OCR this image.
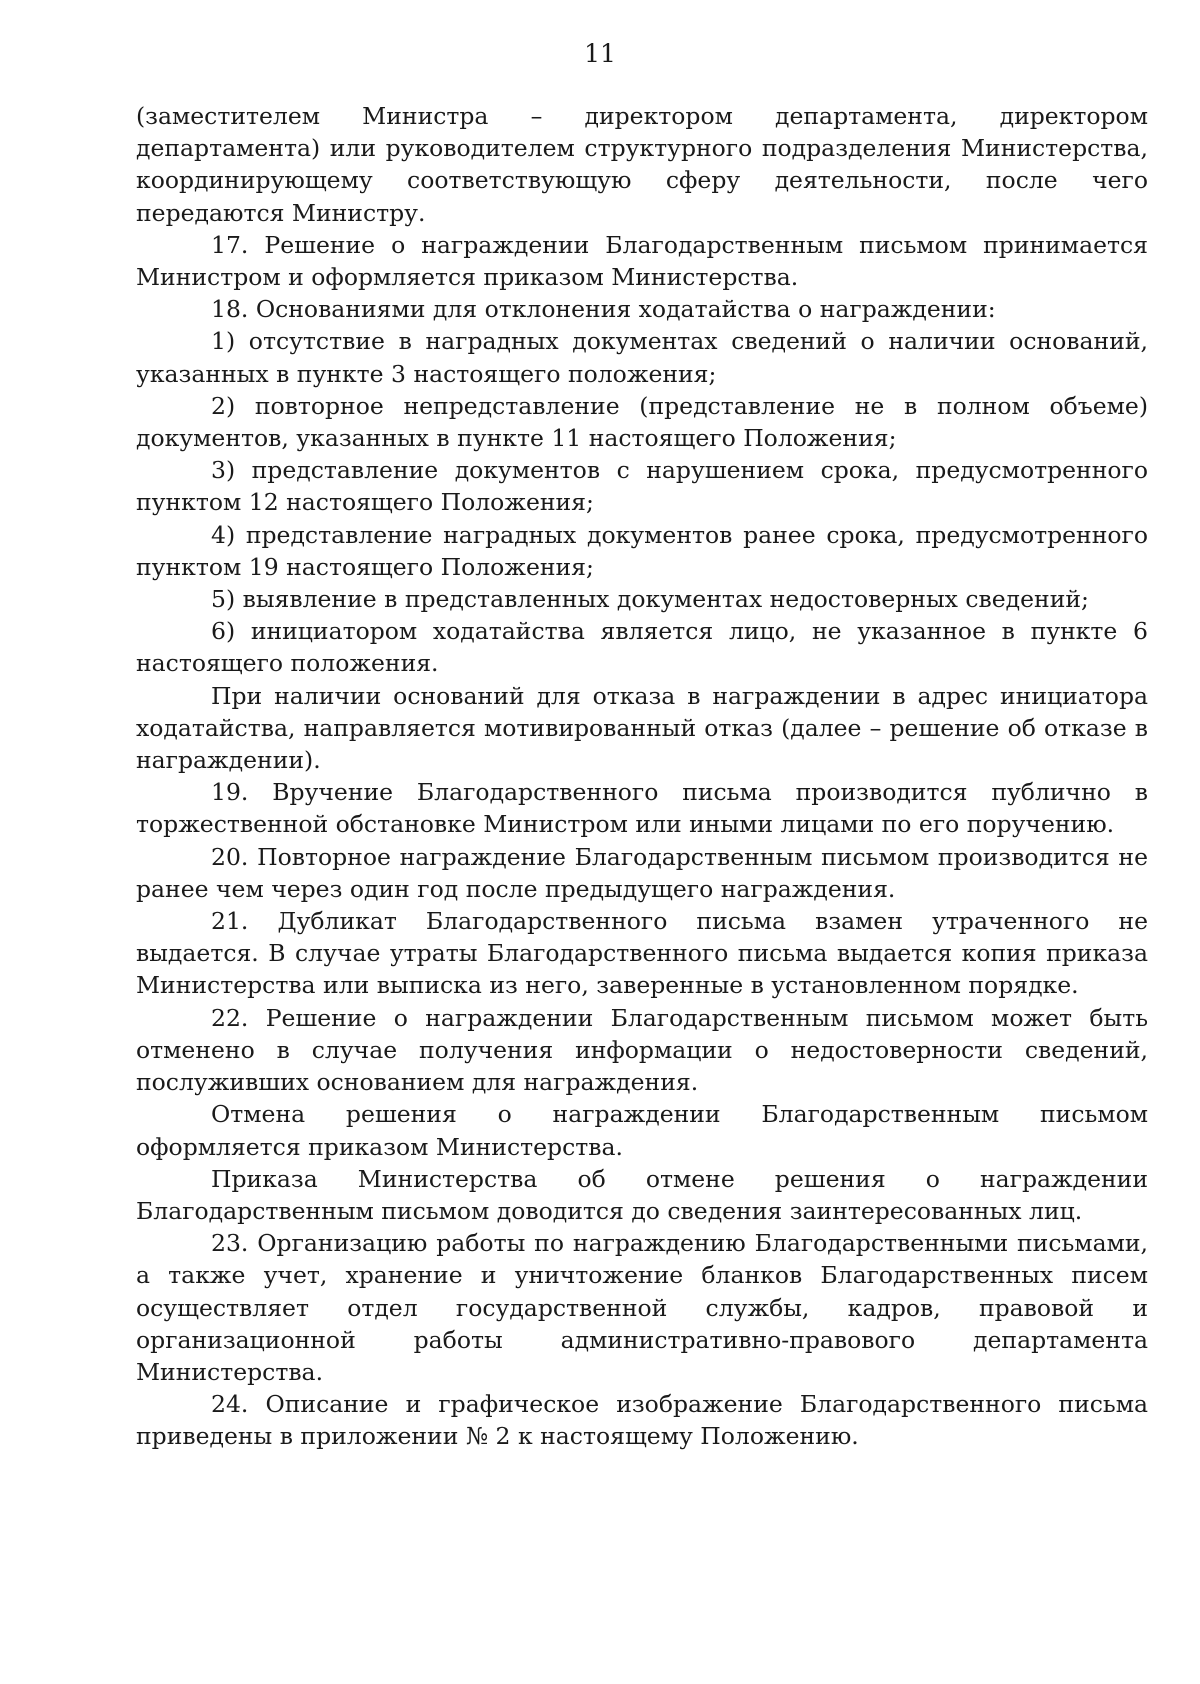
11

(заместителем Министра – директором департамента, директором департамента) или руководителем структурного подразделения Министерства, координирующему соответствующую сферу деятельности, после чего передаются Министру.

17. Решение о награждении Благодарственным письмом принимается Министром и оформляется приказом Министерства.

18. Основаниями для отклонения ходатайства о награждении:

1) отсутствие в наградных документах сведений о наличии оснований, указанных в пункте 3 настоящего положения;

2) повторное непредставление (представление не в полном объеме) документов, указанных в пункте 11 настоящего Положения;

3) представление документов с нарушением срока, предусмотренного пунктом 12 настоящего Положения;

4) представление наградных документов ранее срока, предусмотренного пунктом 19 настоящего Положения;

5) выявление в представленных документах недостоверных сведений;

6) инициатором ходатайства является лицо, не указанное в пункте 6 настоящего положения.

При наличии оснований для отказа в награждении в адрес инициатора ходатайства, направляется мотивированный отказ (далее – решение об отказе в награждении).

19. Вручение Благодарственного письма производится публично в торжественной обстановке Министром или иными лицами по его поручению.

20. Повторное награждение Благодарственным письмом производится не ранее чем через один год после предыдущего награждения.

21. Дубликат Благодарственного письма взамен утраченного не выдается. В случае утраты Благодарственного письма выдается копия приказа Министерства или выписка из него, заверенные в установленном порядке.

22. Решение о награждении Благодарственным письмом может быть отменено в случае получения информации о недостоверности сведений, послуживших основанием для награждения.

Отмена решения о награждении Благодарственным письмом оформляется приказом Министерства.

Приказа Министерства об отмене решения о награждении Благодарственным письмом доводится до сведения заинтересованных лиц.

23. Организацию работы по награждению Благодарственными письмами, а также учет, хранение и уничтожение бланков Благодарственных писем осуществляет отдел государственной службы, кадров, правовой и организационной работы административно-правового департамента Министерства.

24. Описание и графическое изображение Благодарственного письма приведены в приложении № 2 к настоящему Положению.
